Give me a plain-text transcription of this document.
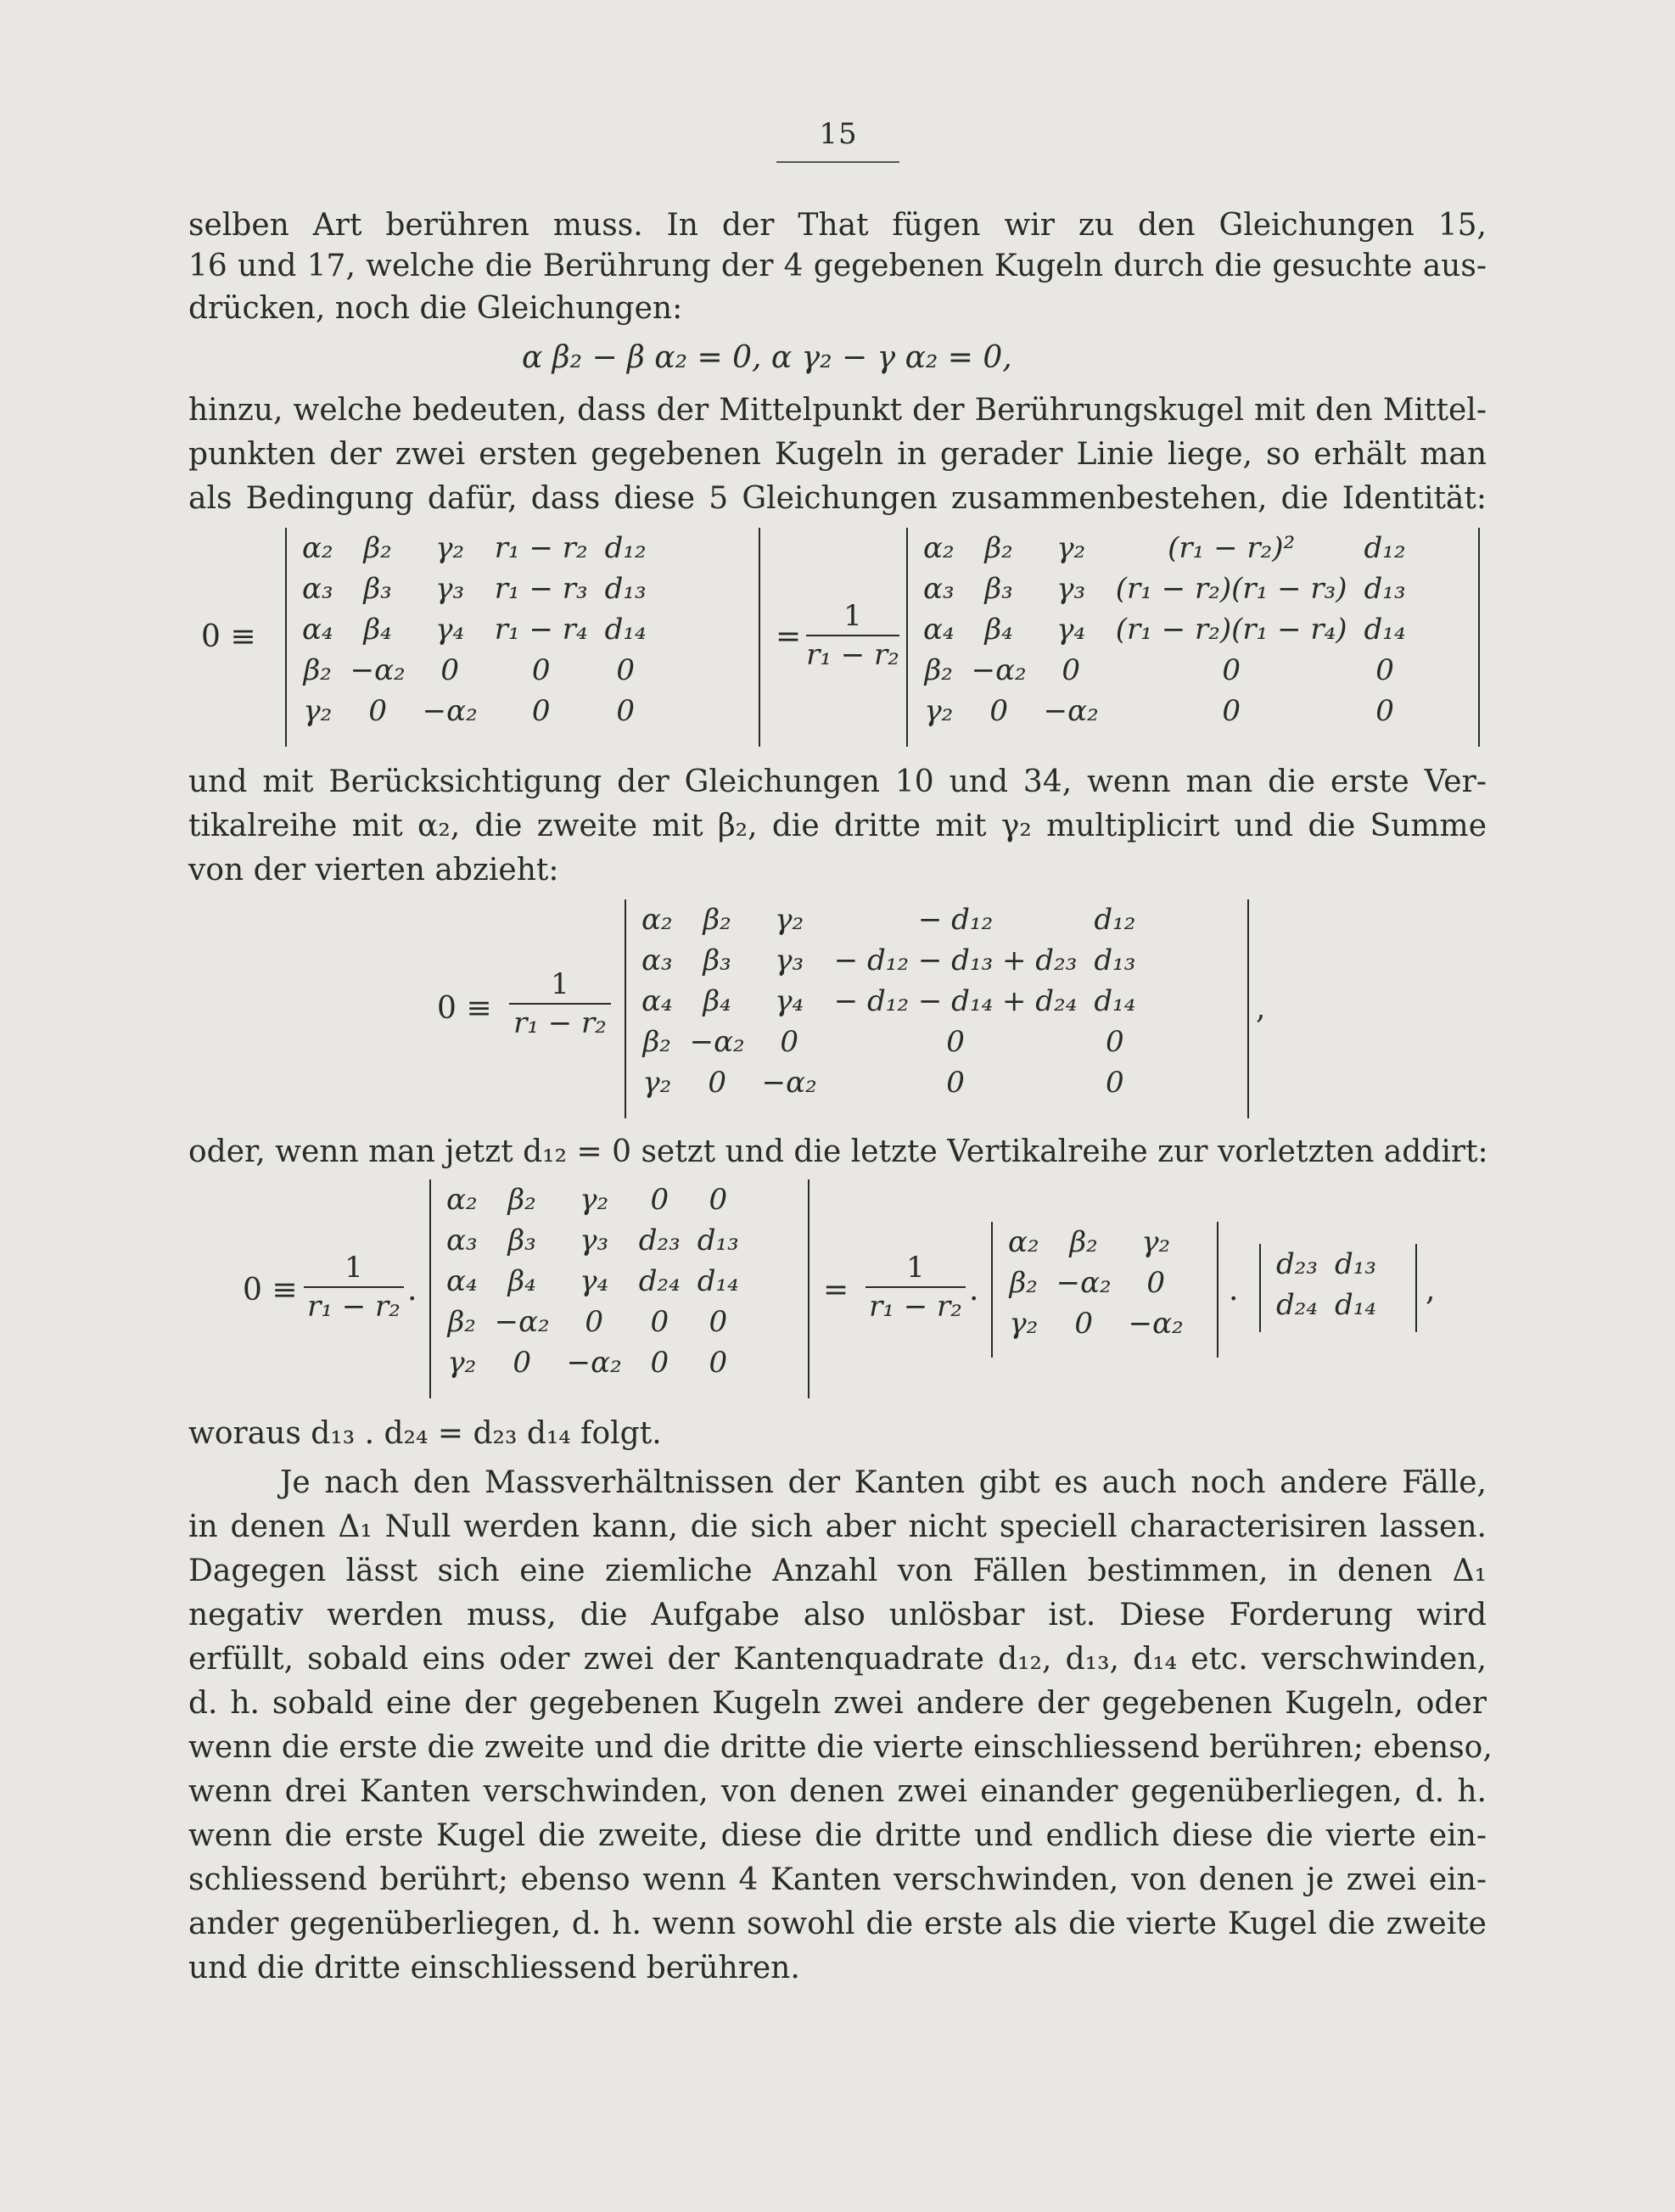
15
selben Art berühren muss. In der That fügen wir zu den Gleichungen 15,
16 und 17, welche die Berührung der 4 gegebenen Kugeln durch die gesuchte aus-
drücken, noch die Gleichungen:
α β₂ − β α₂ = 0, α γ₂ − γ α₂ = 0,
hinzu, welche bedeuten, dass der Mittelpunkt der Berührungskugel mit den Mittel-
punkten der zwei ersten gegebenen Kugeln in gerader Linie liege, so erhält man
als Bedingung dafür, dass diese 5 Gleichungen zusammenbestehen, die Identität:
0 ≡
α₂	β₂	γ₂	r₁ − r₂	d₁₂
α₃	β₃	γ₃	r₁ − r₃	d₁₃
α₄	β₄	γ₄	r₁ − r₄	d₁₄
β₂	−α₂	0	0	0
γ₂	0	−α₂	0	0
=
1
r₁ − r₂
α₂	β₂	γ₂	(r₁ − r₂)²	d₁₂
α₃	β₃	γ₃	(r₁ − r₂)(r₁ − r₃)	d₁₃
α₄	β₄	γ₄	(r₁ − r₂)(r₁ − r₄)	d₁₄
β₂	−α₂	0	0	0
γ₂	0	−α₂	0	0
und mit Berücksichtigung der Gleichungen 10 und 34, wenn man die erste Ver-
tikalreihe mit α₂, die zweite mit β₂, die dritte mit γ₂ multiplicirt und die Summe
von der vierten abzieht:
0 ≡
1
r₁ − r₂
α₂	β₂	γ₂	− d₁₂	d₁₂
α₃	β₃	γ₃	− d₁₂ − d₁₃ + d₂₃	d₁₃
α₄	β₄	γ₄	− d₁₂ − d₁₄ + d₂₄	d₁₄
β₂	−α₂	0	0	0
γ₂	0	−α₂	0	0
,
oder, wenn man jetzt d₁₂ = 0 setzt und die letzte Vertikalreihe zur vorletzten addirt:
0 ≡
1
r₁ − r₂ .
α₂	β₂	γ₂	0	0
α₃	β₃	γ₃	d₂₃	d₁₃
α₄	β₄	γ₄	d₂₄	d₁₄
β₂	−α₂	0	0	0
γ₂	0	−α₂	0	0
=
1
r₁ − r₂ .
α₂	β₂	γ₂
β₂	−α₂	0
γ₂	0	−α₂
.
d₂₃	d₁₃
d₂₄	d₁₄ ,
woraus d₁₃ . d₂₄ = d₂₃ d₁₄ folgt.
Je nach den Massverhältnissen der Kanten gibt es auch noch andere Fälle,
in denen Δ₁ Null werden kann, die sich aber nicht speciell characterisiren lassen.
Dagegen lässt sich eine ziemliche Anzahl von Fällen bestimmen, in denen Δ₁
negativ werden muss, die Aufgabe also unlösbar ist. Diese Forderung wird
erfüllt, sobald eins oder zwei der Kantenquadrate d₁₂, d₁₃, d₁₄ etc. verschwinden,
d. h. sobald eine der gegebenen Kugeln zwei andere der gegebenen Kugeln, oder
wenn die erste die zweite und die dritte die vierte einschliessend berühren; ebenso,
wenn drei Kanten verschwinden, von denen zwei einander gegenüberliegen, d. h.
wenn die erste Kugel die zweite, diese die dritte und endlich diese die vierte ein-
schliessend berührt; ebenso wenn 4 Kanten verschwinden, von denen je zwei ein-
ander gegenüberliegen, d. h. wenn sowohl die erste als die vierte Kugel die zweite
und die dritte einschliessend berühren.
